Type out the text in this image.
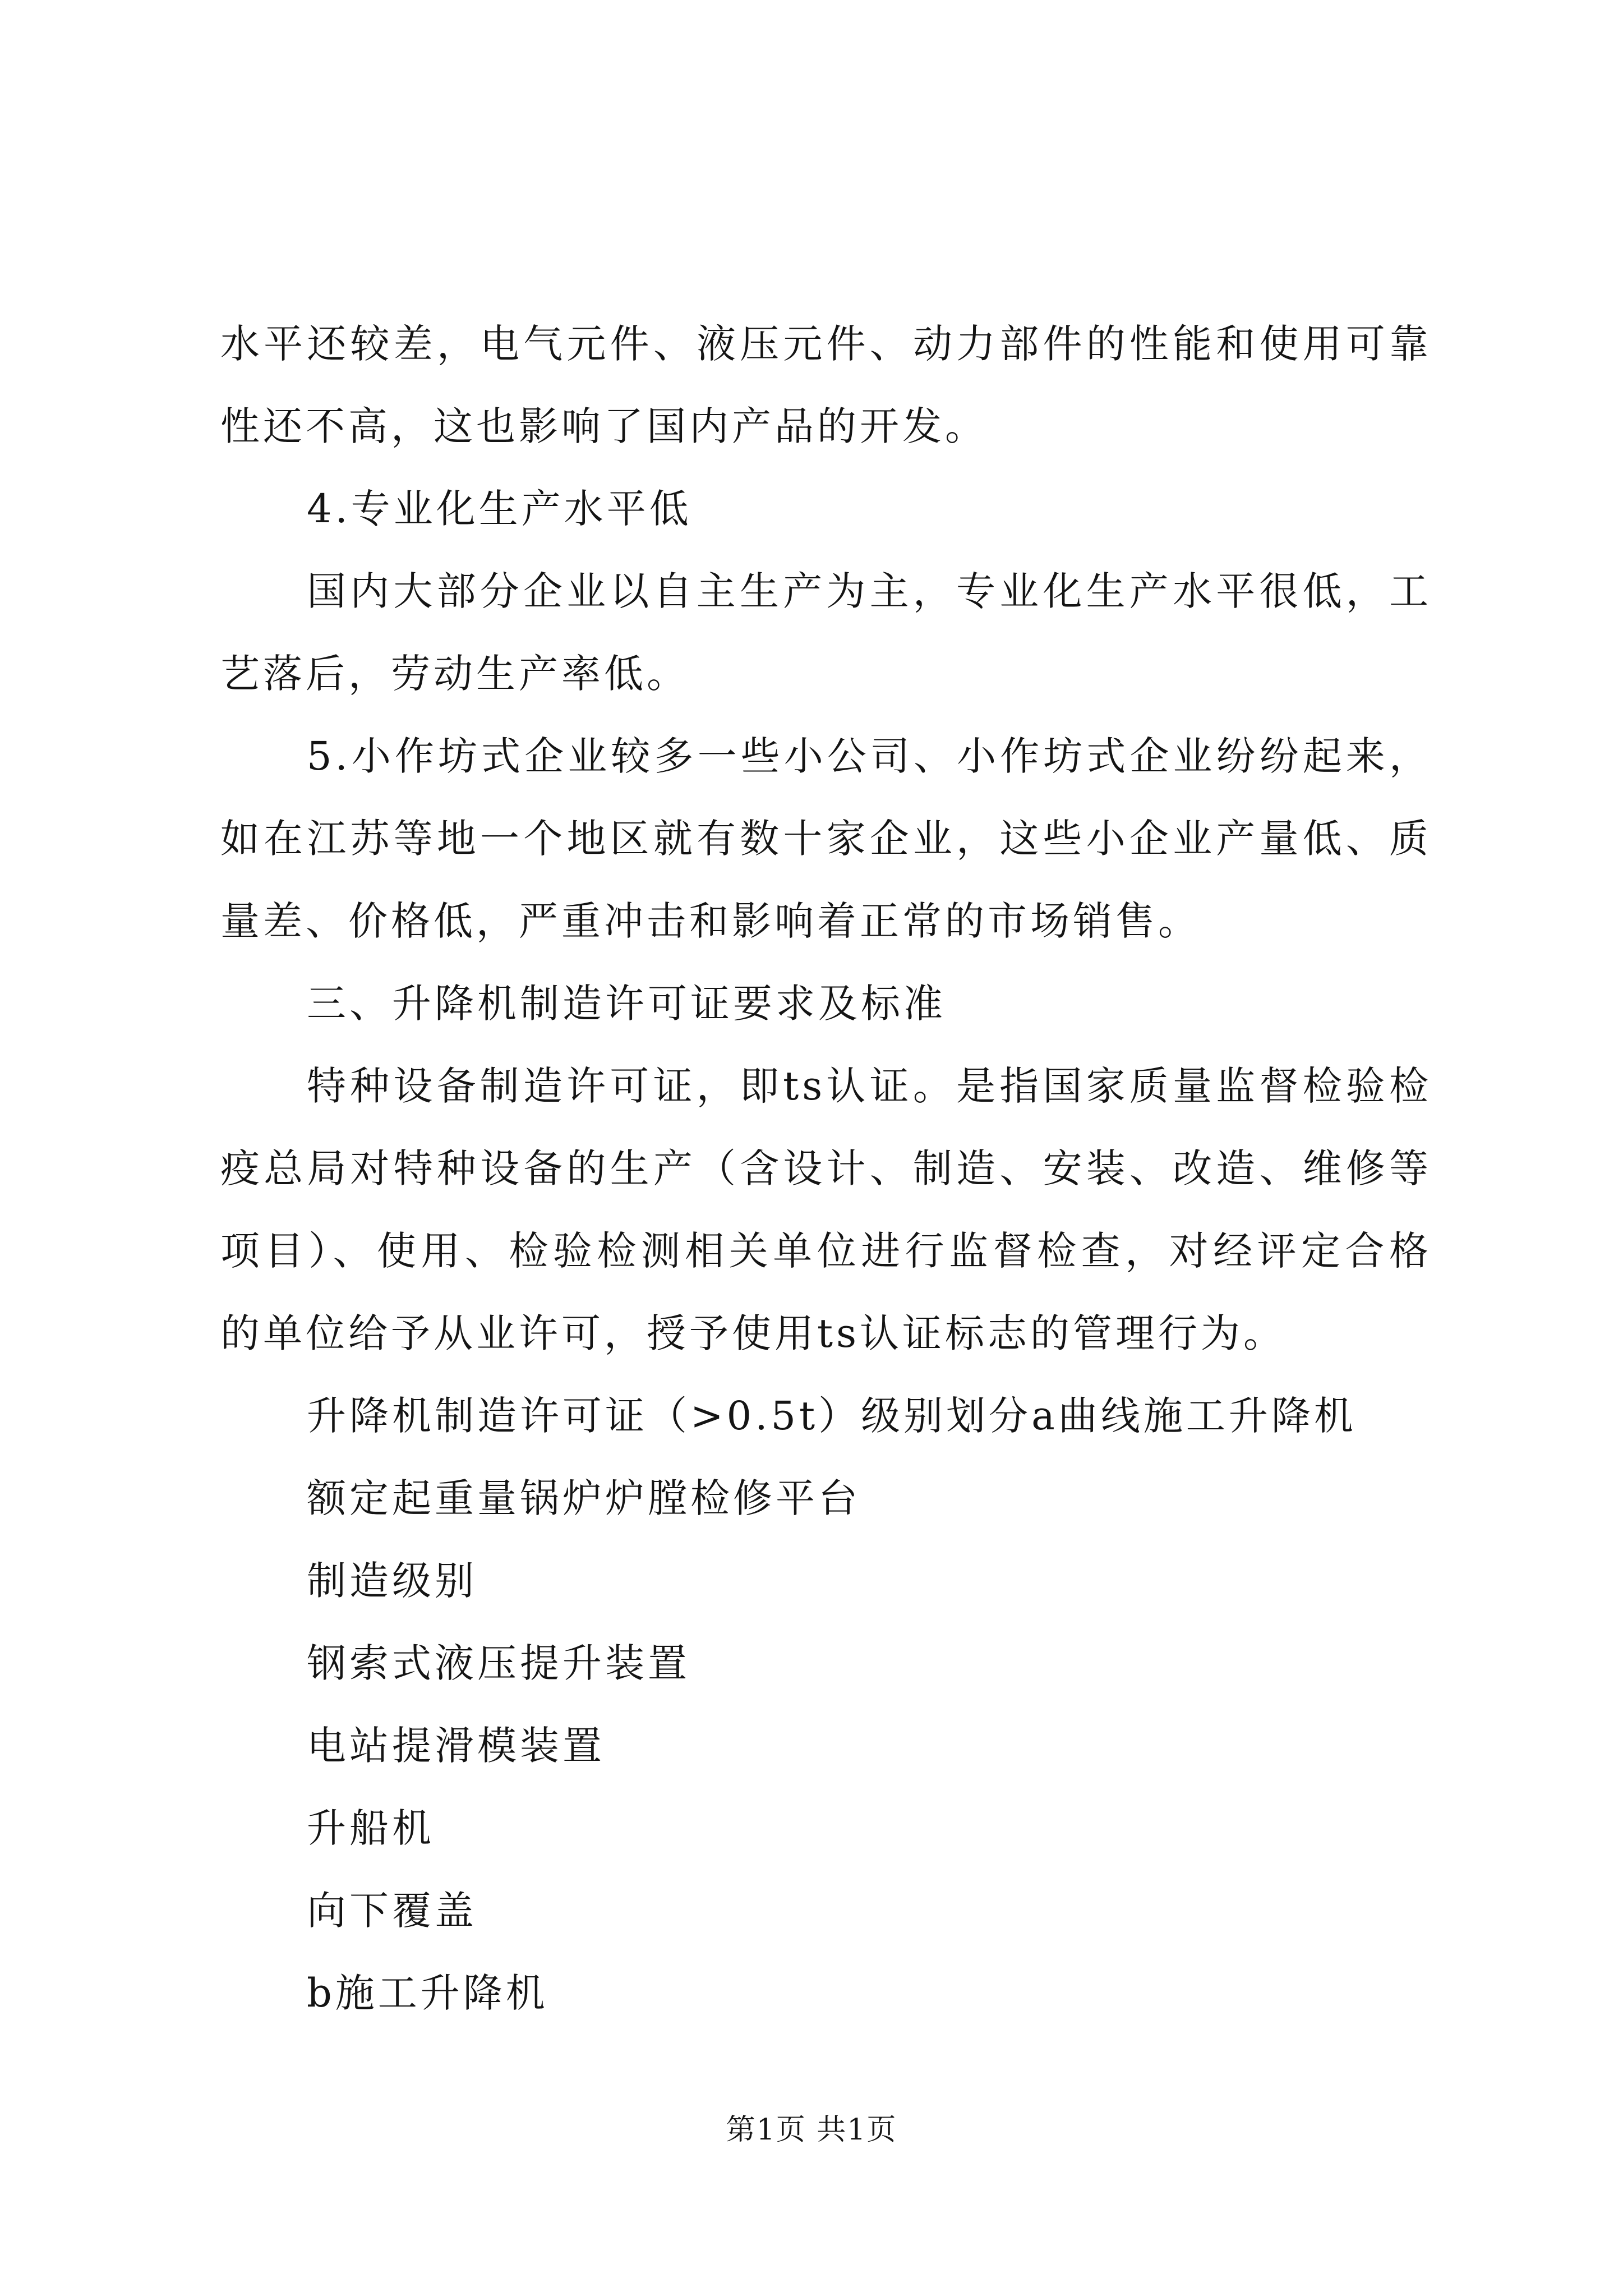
水平还较差，电气元件、液压元件、动力部件的性能和使用可靠性还不高，这也影响了国内产品的开发。

4.专业化生产水平低

国内大部分企业以自主生产为主，专业化生产水平很低，工艺落后，劳动生产率低。

5.小作坊式企业较多一些小公司、小作坊式企业纷纷起来，如在江苏等地一个地区就有数十家企业，这些小企业产量低、质量差、价格低，严重冲击和影响着正常的市场销售。

三、升降机制造许可证要求及标准

特种设备制造许可证，即ts认证。是指国家质量监督检验检疫总局对特种设备的生产（含设计、制造、安装、改造、维修等项目）、使用、检验检测相关单位进行监督检查，对经评定合格的单位给予从业许可，授予使用ts认证标志的管理行为。

升降机制造许可证（>0.5t）级别划分a曲线施工升降机

额定起重量锅炉炉膛检修平台

制造级别

钢索式液压提升装置

电站提滑模装置

升船机

向下覆盖

b施工升降机

第1页 共1页
